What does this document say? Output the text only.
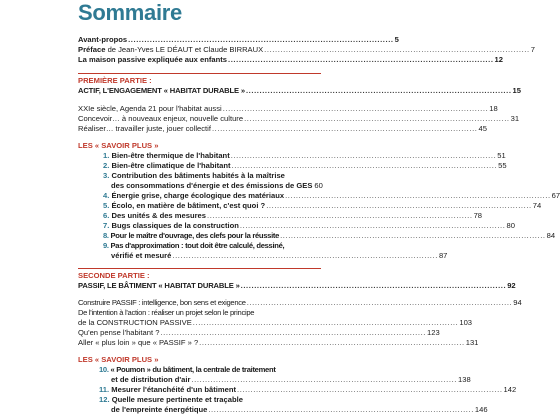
Sommaire
Avant-propos .................................................................................................. 5
Préface de Jean-Yves LE DÉAUT et Claude BIRRAUX .................................................................................................. 7
La maison passive expliquée aux enfants .................................................................................................. 12
PREMIÈRE PARTIE :
ACTIF, L'ENGAGEMENT « HABITAT DURABLE » .................................................................................................. 15
XXIe siècle, Agenda 21 pour l'habitat aussi .................................................................................................. 18
Concevoir… à nouveaux enjeux, nouvelle culture .................................................................................................. 31
Réaliser… travailler juste, jouer collectif .................................................................................................. 45
LES « SAVOIR PLUS »
1. Bien-être thermique de l'habitant .................................................................................................. 51
2. Bien-être climatique de l'habitant .................................................................................................. 55
3. Contribution des bâtiments habités à la maîtrise
des consommations d'énergie et des émissions de GES 60
4. Énergie grise, charge écologique des matériaux .................................................................................................. 67
5. Écolo, en matière de bâtiment, c'est quoi ? .................................................................................................. 74
6. Des unités & des mesures .................................................................................................. 78
7. Bugs classiques de la construction .................................................................................................. 80
8. Pour le maître d'ouvrage, des clefs pour la réussite .................................................................................................. 84
9. Pas d'approximation : tout doit être calculé, dessiné,
vérifié et mesuré .................................................................................................. 87
SECONDE PARTIE :
PASSIF, LE BÂTIMENT « HABITAT DURABLE » .................................................................................................. 92
Construire PASSIF : intelligence, bon sens et exigence .................................................................................................. 94
De l'intention à l'action : réaliser un projet selon le principe
de la CONSTRUCTION PASSIVE .................................................................................................. 103
Qu'en pense l'habitant ? .................................................................................................. 123
Aller « plus loin » que « PASSIF » ? .................................................................................................. 131
LES « SAVOIR PLUS »
10. « Poumon » du bâtiment, la centrale de traitement
et de distribution d'air .................................................................................................. 138
11. Mesurer l'étanchéité d'un bâtiment .................................................................................................. 142
12. Quelle mesure pertinente et traçable
de l'empreinte énergétique .................................................................................................. 146
